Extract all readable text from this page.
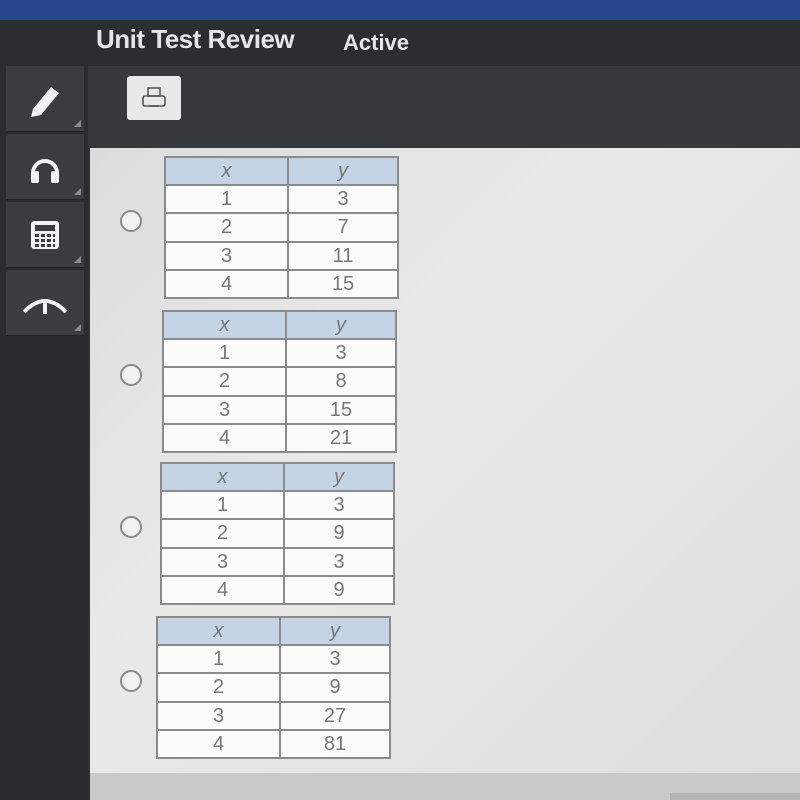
Unit Test Review Active
x	y
1	3
2	7
3	11
4	15
x	y
1	3
2	8
3	15
4	21
x	y
1	3
2	9
3	3
4	9
x	y
1	3
2	9
3	27
4	81
